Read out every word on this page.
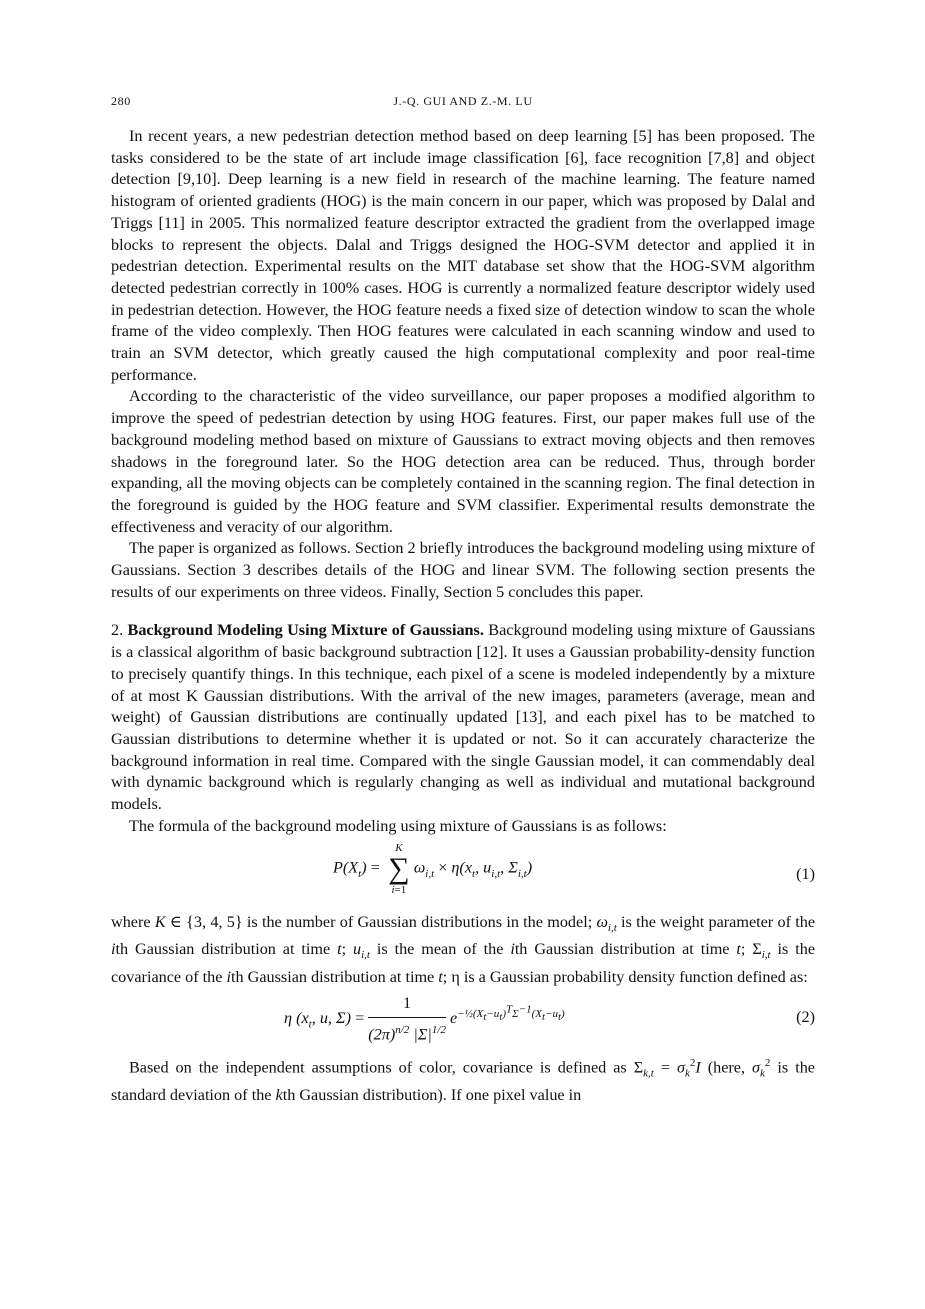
280	J.-Q. GUI AND Z.-M. LU

In recent years, a new pedestrian detection method based on deep learning [5] has been proposed. The tasks considered to be the state of art include image classification [6], face recognition [7,8] and object detection [9,10]. Deep learning is a new field in research of the machine learning. The feature named histogram of oriented gradients (HOG) is the main concern in our paper, which was proposed by Dalal and Triggs [11] in 2005. This normalized feature descriptor extracted the gradient from the overlapped image blocks to represent the objects. Dalal and Triggs designed the HOG-SVM detector and applied it in pedestrian detection. Experimental results on the MIT database set show that the HOG-SVM algorithm detected pedestrian correctly in 100% cases. HOG is currently a normalized feature descriptor widely used in pedestrian detection. However, the HOG feature needs a fixed size of detection window to scan the whole frame of the video complexly. Then HOG features were calculated in each scanning window and used to train an SVM detector, which greatly caused the high computational complexity and poor real-time performance.

According to the characteristic of the video surveillance, our paper proposes a modified algorithm to improve the speed of pedestrian detection by using HOG features. First, our paper makes full use of the background modeling method based on mixture of Gaussians to extract moving objects and then removes shadows in the foreground later. So the HOG detection area can be reduced. Thus, through border expanding, all the moving objects can be completely contained in the scanning region. The final detection in the foreground is guided by the HOG feature and SVM classifier. Experimental results demonstrate the effectiveness and veracity of our algorithm.

The paper is organized as follows. Section 2 briefly introduces the background modeling using mixture of Gaussians. Section 3 describes details of the HOG and linear SVM. The following section presents the results of our experiments on three videos. Finally, Section 5 concludes this paper.

2. Background Modeling Using Mixture of Gaussians. Background modeling using mixture of Gaussians is a classical algorithm of basic background subtraction [12]. It uses a Gaussian probability-density function to precisely quantify things. In this technique, each pixel of a scene is modeled independently by a mixture of at most K Gaussian distributions. With the arrival of the new images, parameters (average, mean and weight) of Gaussian distributions are continually updated [13], and each pixel has to be matched to Gaussian distributions to determine whether it is updated or not. So it can accurately characterize the background information in real time. Compared with the single Gaussian model, it can commendably deal with dynamic background which is regularly changing as well as individual and mutational background models.

The formula of the background modeling using mixture of Gaussians is as follows:

$P(X_t)$ =
K
∑
i=1
$\omega_{i,t} \times \eta(x_t$, $u_{i,t}$, $\Sigma_{i,t}$)	(1)

where K ∈ {3, 4, 5} is the number of Gaussian distributions in the model; $\omega_{i,t}$ is the weight parameter of the ith Gaussian distribution at time t; $u_{i,t}$ is the mean of the ith Gaussian distribution at time t; $\Sigma_{i,t}$ is the covariance of the ith Gaussian distribution at time t; η is a Gaussian probability density function defined as:

η ($x_t$, u, $\Sigma) = \frac{1}{(2\pi)^{n/2} |\Sigma|^{1/2}} e^{-\frac{1}{2}(X_t-u_t)^T\Sigma^{-1}(X_t-u_t)}$	(2)

Based on the independent assumptions of color, covariance is defined as $\Sigma_{k,t} = \sigma_k^2I$ (here, $\sigma_k^2$ is the standard deviation of the kth Gaussian distribution). If one pixel value in
